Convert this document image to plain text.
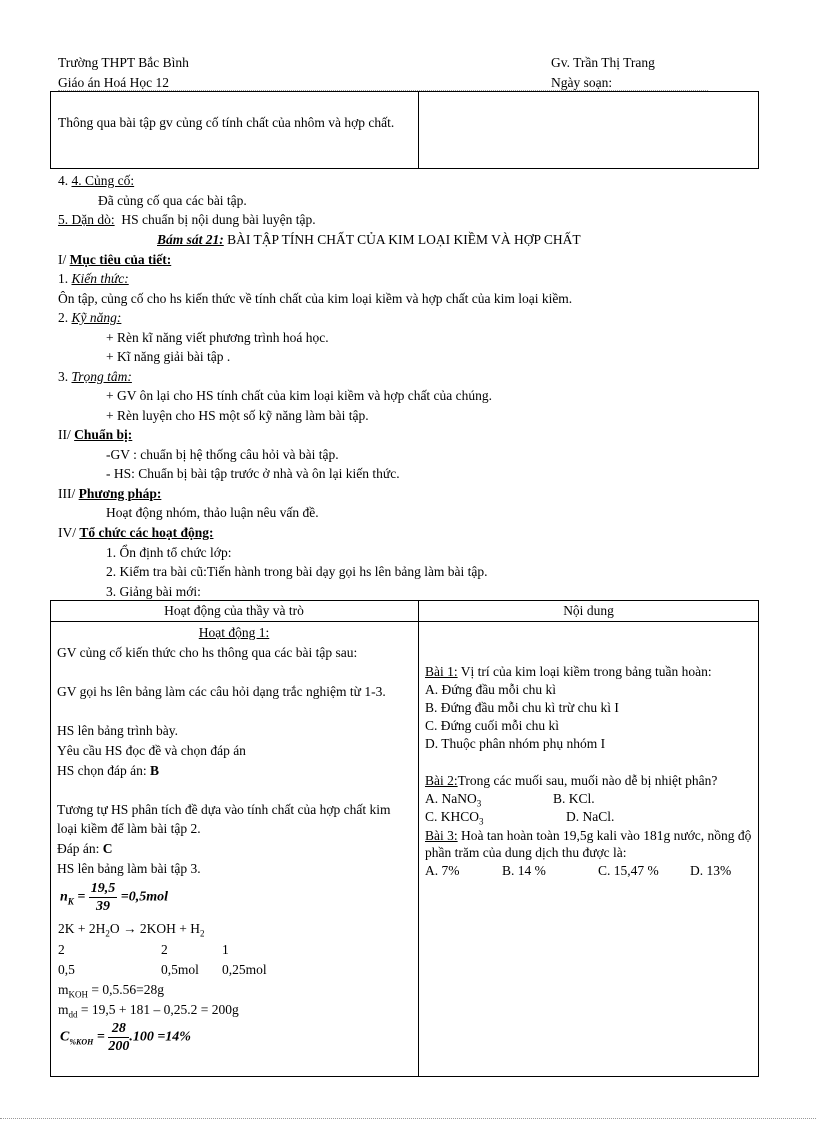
Trường THPT Bắc Bình	Gv. Trần Thị Trang
Giáo án Hoá Học 12	Ngày soạn:
Thông qua bài tập gv củng cố tính chất của nhôm và hợp chất.
4. 4. Củng cố:
Đã củng cố qua các bài tập.
5. Dặn dò: HS chuẩn bị nội dung bài luyện tập.
Bám sát 21: BÀI TẬP TÍNH CHẤT CỦA KIM LOẠI KIỀM VÀ HỢP CHẤT
I/ Mục tiêu của tiết:
1. Kiến thức:
Ôn tập, củng cố cho hs kiến thức về tính chất của kim loại kiềm và hợp chất của kim loại kiềm.
2. Kỹ năng:
+ Rèn kĩ năng viết phương trình hoá học.
+ Kĩ năng giải bài tập .
3. Trọng tâm:
+ GV ôn lại cho HS tính chất của kim loại kiềm và hợp chất của chúng.
+ Rèn luyện cho HS một số kỹ năng làm bài tập.
II/ Chuẩn bị:
-GV : chuẩn bị hệ thống câu hỏi và bài tập.
- HS: Chuẩn bị bài tập trước ở nhà và ôn lại kiến thức.
III/ Phương pháp:
Hoạt động nhóm, thảo luận nêu vấn đề.
IV/ Tổ chức các hoạt động:
1. Ổn định tổ chức lớp:
2. Kiểm tra bài cũ:Tiến hành trong bài dạy gọi hs lên bảng làm bài tập.
3. Giảng bài mới:
Hoạt động của thầy và trò	Nội dung
Hoạt động 1:
GV củng cố kiến thức cho hs thông qua các bài tập sau:
GV gọi hs lên bảng làm các câu hỏi dạng trắc nghiệm từ 1-3.
HS lên bảng trình bày.
Yêu cầu HS đọc đề và chọn đáp án
HS chọn đáp án: B
Tương tự HS phân tích đề dựa vào tính chất của hợp chất kim loại kiềm để làm bài tập 2.
Đáp án: C
HS lên bảng làm bài tập 3.
$n_K = \frac{19,5}{39} =0,5mol$
$2K + 2H_2O \to 2KOH + H_2$
2	2	1
0,5	0,5mol 0,25mol
$m_{KOH} = 0,5.56=28g$
$m_{dd} = 19,5 + 181 - 0,25.2 = 200g$
$C_{\%KOH} = \frac{28}{200} .100 =14\%$
Bài 1: Vị trí của kim loại kiềm trong bảng tuần hoàn:
A. Đứng đầu mỗi chu kì
B. Đứng đầu mỗi chu kì trừ chu kì I
C. Đứng cuối mỗi chu kì
D. Thuộc phân nhóm phụ nhóm I
Bài 2:Trong các muối sau, muối nào dễ bị nhiệt phân?
A. NaNO$_3$	B. KCl.
C. $KHCO_3$	D. NaCl.
Bài 3: Hoà tan hoàn toàn 19,5g kali vào 181g nước, nồng độ phần trăm của dung dịch thu được là:
A. 7%	B. 14 %	C. 15,47 % D. 13%
